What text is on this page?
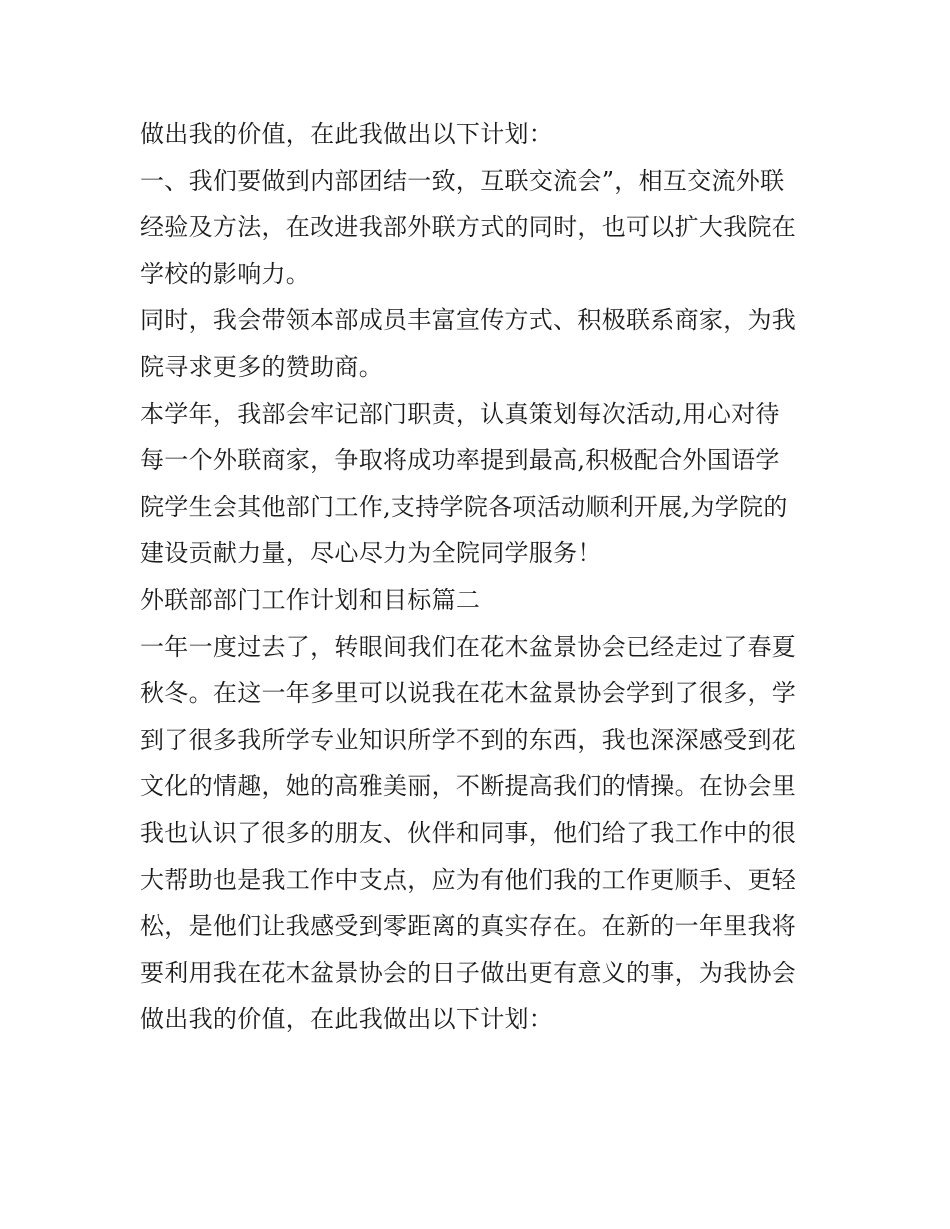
做出我的价值，在此我做出以下计划：
一、我们要做到内部团结一致，互联交流会”，相互交流外联
经验及方法，在改进我部外联方式的同时，也可以扩大我院在
学校的影响力。
同时，我会带领本部成员丰富宣传方式、积极联系商家，为我
院寻求更多的赞助商。
本学年，我部会牢记部门职责，认真策划每次活动,用心对待
每一个外联商家，争取将成功率提到最高,积极配合外国语学
院学生会其他部门工作,支持学院各项活动顺利开展,为学院的
建设贡献力量，尽心尽力为全院同学服务！
外联部部门工作计划和目标篇二
一年一度过去了，转眼间我们在花木盆景协会已经走过了春夏
秋冬。在这一年多里可以说我在花木盆景协会学到了很多，学
到了很多我所学专业知识所学不到的东西，我也深深感受到花
文化的情趣，她的高雅美丽，不断提高我们的情操。在协会里
我也认识了很多的朋友、伙伴和同事，他们给了我工作中的很
大帮助也是我工作中支点，应为有他们我的工作更顺手、更轻
松，是他们让我感受到零距离的真实存在。在新的一年里我将
要利用我在花木盆景协会的日子做出更有意义的事，为我协会
做出我的价值，在此我做出以下计划：
